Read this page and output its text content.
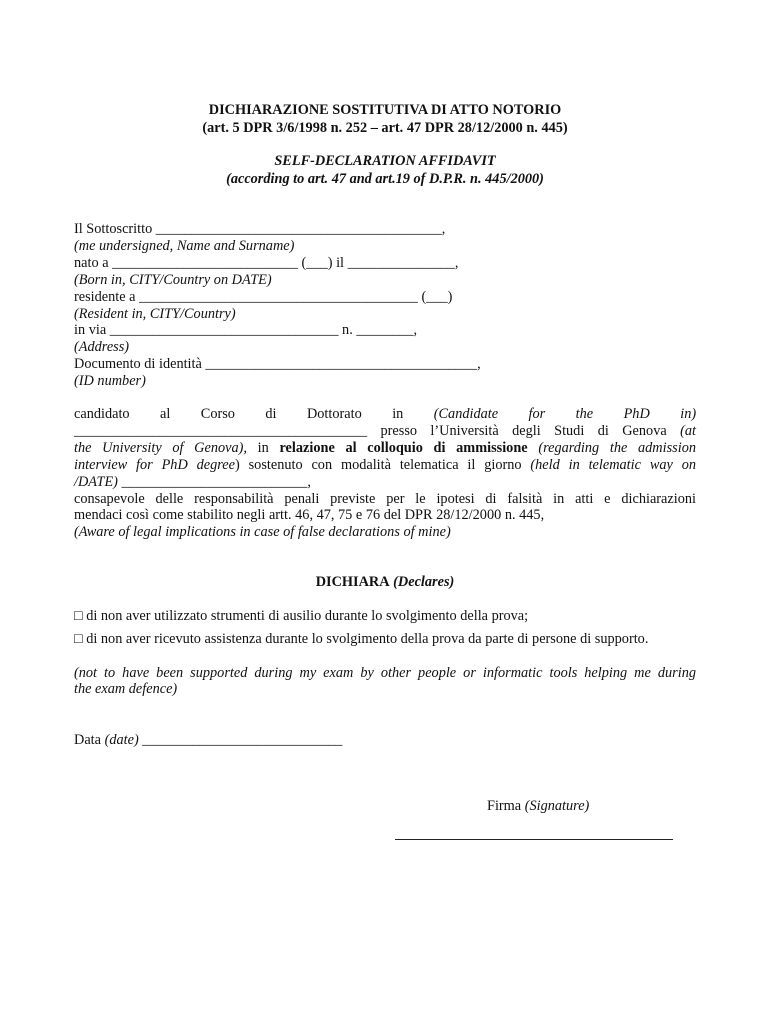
DICHIARAZIONE SOSTITUTIVA DI ATTO NOTORIO
(art. 5 DPR 3/6/1998 n. 252 – art. 47 DPR 28/12/2000 n. 445)
SELF-DECLARATION AFFIDAVIT
(according to art. 47 and art.19 of D.P.R. n. 445/2000)
Il Sottoscritto ________________________________________,
(me undersigned, Name and Surname)
nato a __________________________ (___) il _______________,
(Born in, CITY/Country on DATE)
residente a _______________________________________ (___)
(Resident in, CITY/Country)
in via ________________________________ n. ________,
(Address)
Documento di identità ______________________________________,
(ID number)
candidato al Corso di Dottorato in (Candidate for the PhD in)
_________________________________________ presso l’Università degli Studi di Genova (at
the University of Genova), in relazione al colloquio di ammissione (regarding the admission
interview for PhD degree) sostenuto con modalità telematica il giorno (held in telematic way on
/DATE) __________________________,
consapevole delle responsabilità penali previste per le ipotesi di falsità in atti e dichiarazioni
mendaci così come stabilito negli artt. 46, 47, 75 e 76 del DPR 28/12/2000 n. 445,
(Aware of legal implications in case of false declarations of mine)
DICHIARA (Declares)
□ di non aver utilizzato strumenti di ausilio durante lo svolgimento della prova;
□ di non aver ricevuto assistenza durante lo svolgimento della prova da parte di persone di supporto.
(not to have been supported during my exam by other people or informatic tools helping me during
the exam defence)
Data (date) ____________________________
Firma (Signature)
